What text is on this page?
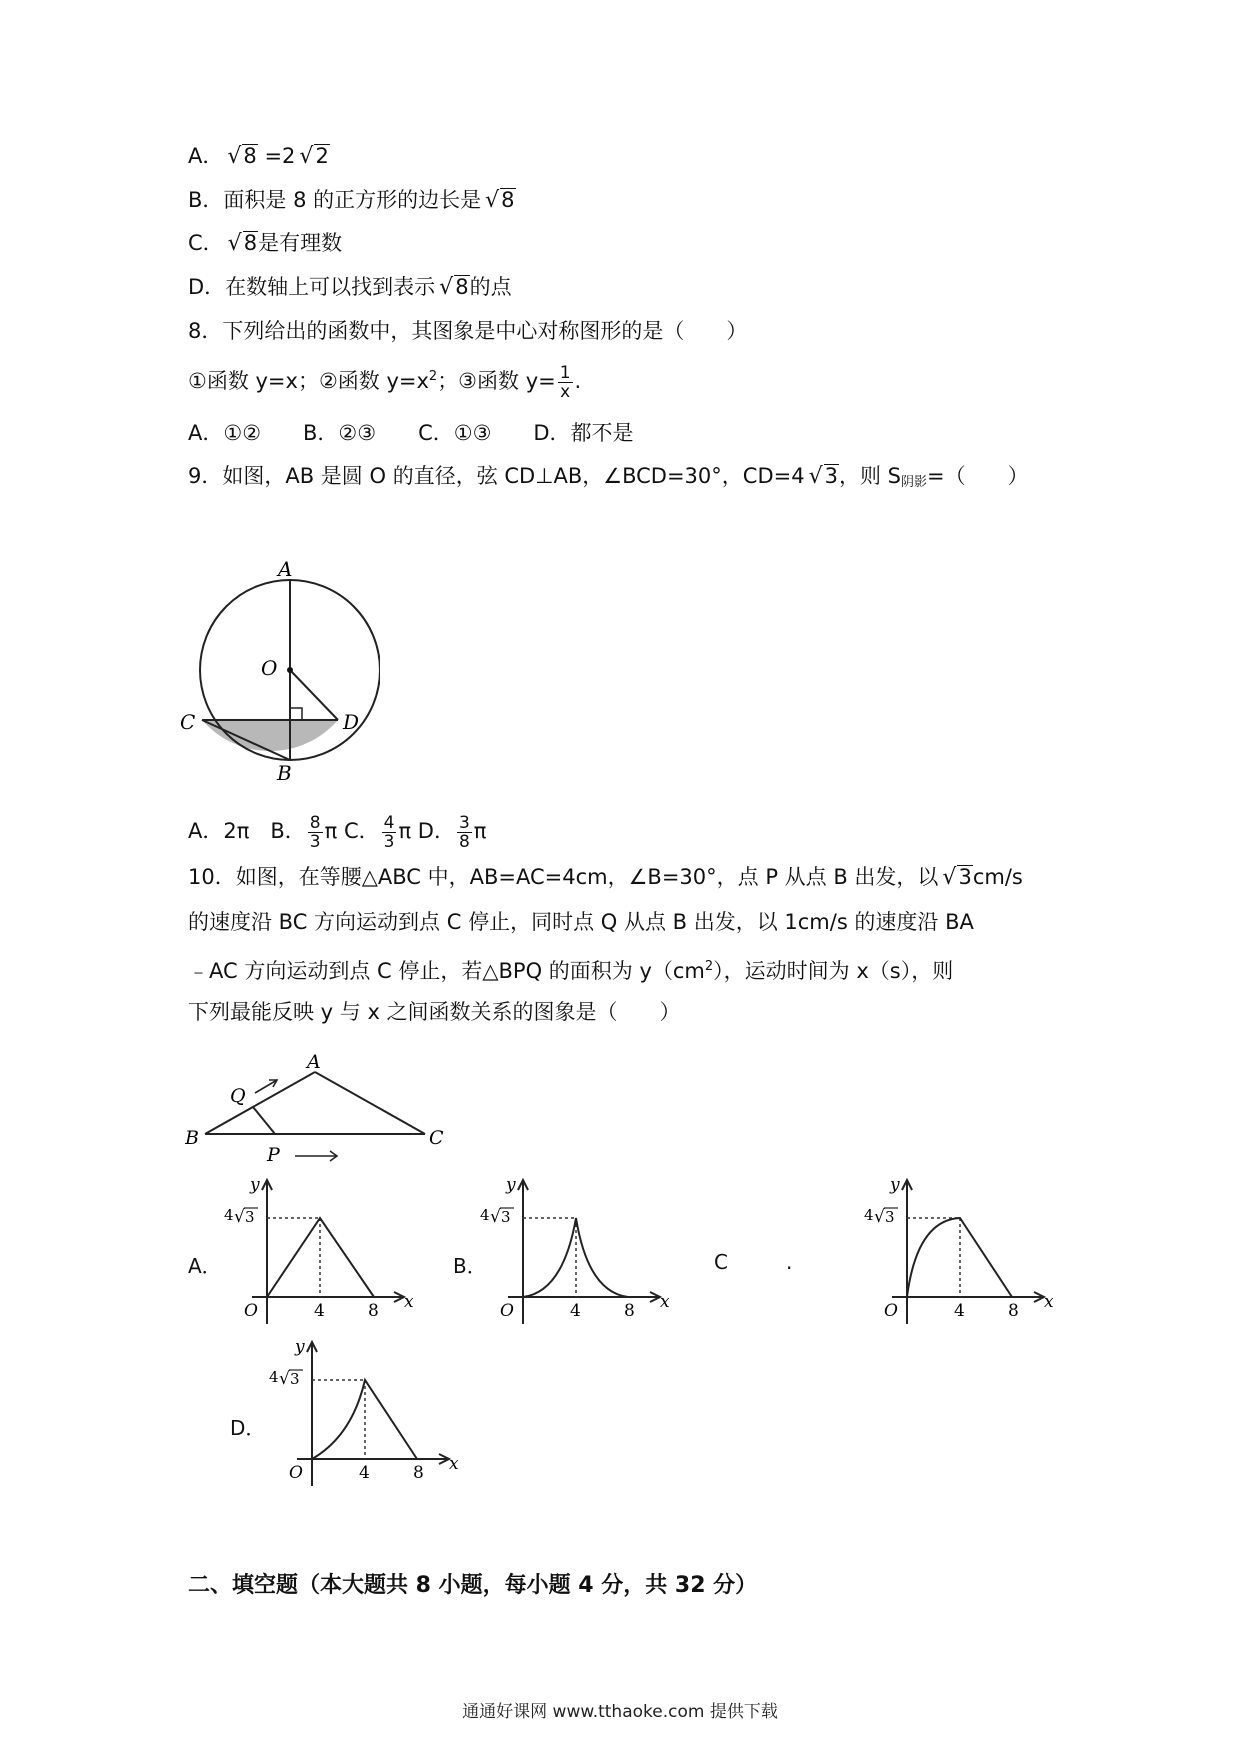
A． √8 =2 √2
B．面积是 8 的正方形的边长是 √8
C． √8是有理数
D．在数轴上可以找到表示 √8的点
8．下列给出的函数中，其图象是中心对称图形的是（　　）
①函数 y=x；②函数 $y=x^2$；③函数 $y= \frac{1}{x}$ .
A．①②　　B．②③　　C．①③　　D．都不是
9．如图，AB 是圆 O 的直径，弦 CD⊥AB，∠BCD=30°，CD=4 √3，则 $S_{阴影}=$（　　）
A
O
C	D
B
A．2π　B． $\frac{8}{3}$ π C． $\frac{4}{3}$ π D． $\frac{3}{8}$ π
10．如图，在等腰△ABC 中，AB=AC=4cm，∠B=30°，点 P 从点 B 出发，以 √3cm/s
的速度沿 BC 方向运动到点 C 停止，同时点 Q 从点 B 出发，以 1cm/s 的速度沿 BA
﹣AC 方向运动到点 C 停止，若△BPQ 的面积为 $y(cm^2)$，运动时间为 x（s），则
下列最能反映 y 与 x 之间函数关系的图象是（　　）
A
Q
B
P
C
A．	B．	C	.
D．
y
x
O	4	8
4 √ 3
y
x
O	4	8
4 √ 3
y
x
O	4	8
4 √ 3
y
x
O	4	8
4 √ 3
二、填空题（本大题共 8 小题，每小题 4 分，共 32 分）
通通好课网 www.tthaoke.com 提供下载
